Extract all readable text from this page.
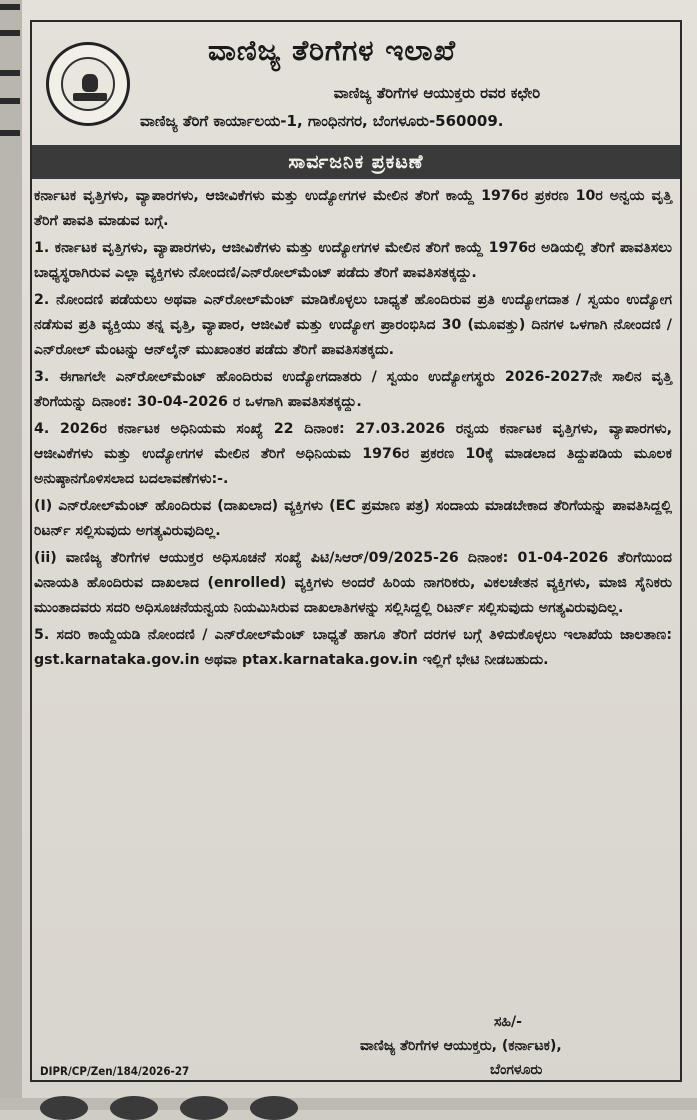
ವಾಣಿಜ್ಯ ತೆರಿಗೆಗಳ ಇಲಾಖೆ
ವಾಣಿಜ್ಯ ತೆರಿಗೆಗಳ ಆಯುಕ್ತರು ರವರ ಕಛೇರಿ
ವಾಣಿಜ್ಯ ತೆರಿಗೆ ಕಾರ್ಯಾಲಯ-1, ಗಾಂಧಿನಗರ, ಬೆಂಗಳೂರು-560009.
ಸಾರ್ವಜನಿಕ ಪ್ರಕಟಣೆ

ಕರ್ನಾಟಕ ವೃತ್ತಿಗಳು, ವ್ಯಾಪಾರಗಳು, ಆಜೀವಿಕೆಗಳು ಮತ್ತು ಉದ್ಯೋಗಗಳ ಮೇಲಿನ ತೆರಿಗೆ ಕಾಯ್ದೆ 1976ರ ಪ್ರಕರಣ 10ರ ಅನ್ವಯ ವೃತ್ತಿ ತೆರಿಗೆ ಪಾವತಿ ಮಾಡುವ ಬಗ್ಗೆ.

1. ಕರ್ನಾಟಕ ವೃತ್ತಿಗಳು, ವ್ಯಾಪಾರಗಳು, ಆಜೀವಿಕೆಗಳು ಮತ್ತು ಉದ್ಯೋಗಗಳ ಮೇಲಿನ ತೆರಿಗೆ ಕಾಯ್ದೆ 1976ರ ಅಡಿಯಲ್ಲಿ ತೆರಿಗೆ ಪಾವತಿಸಲು ಬಾಧ್ಯಸ್ಥರಾಗಿರುವ ಎಲ್ಲಾ ವ್ಯಕ್ತಿಗಳು ನೋಂದಣಿ/ಎನ್‌ರೋಲ್‌ಮೆಂಟ್ ಪಡೆದು ತೆರಿಗೆ ಪಾವತಿಸತಕ್ಕದ್ದು.

2. ನೋಂದಣಿ ಪಡೆಯಲು ಅಥವಾ ಎನ್‌ರೋಲ್‌ಮೆಂಟ್ ಮಾಡಿಕೊಳ್ಳಲು ಬಾಧ್ಯತೆ ಹೊಂದಿರುವ ಪ್ರತಿ ಉದ್ಯೋಗದಾತ / ಸ್ವಯಂ ಉದ್ಯೋಗ ನಡೆಸುವ ಪ್ರತಿ ವ್ಯಕ್ತಿಯು ತನ್ನ ವೃತ್ತಿ, ವ್ಯಾಪಾರ, ಆಜೀವಿಕೆ ಮತ್ತು ಉದ್ಯೋಗ ಪ್ರಾರಂಭಿಸಿದ 30 (ಮೂವತ್ತು) ದಿನಗಳ ಒಳಗಾಗಿ ನೋಂದಣಿ / ಎನ್‌ರೋಲ್ ಮೆಂಟನ್ನು ಆನ್‌ಲೈನ್ ಮುಖಾಂತರ ಪಡೆದು ತೆರಿಗೆ ಪಾವತಿಸತಕ್ಕದು.

3. ಈಗಾಗಲೇ ಎನ್‌ರೋಲ್‌ಮೆಂಟ್ ಹೊಂದಿರುವ ಉದ್ಯೋಗದಾತರು / ಸ್ವಯಂ ಉದ್ಯೋಗಸ್ಥರು 2026-2027ನೇ ಸಾಲಿನ ವೃತ್ತಿ ತೆರಿಗೆಯನ್ನು ದಿನಾಂಕ: 30-04-2026 ರ ಒಳಗಾಗಿ ಪಾವತಿಸತಕ್ಕದ್ದು.

4. 2026ರ ಕರ್ನಾಟಕ ಅಧಿನಿಯಮ ಸಂಖ್ಯೆ 22 ದಿನಾಂಕ: 27.03.2026 ರನ್ವಯ ಕರ್ನಾಟಕ ವೃತ್ತಿಗಳು, ವ್ಯಾಪಾರಗಳು, ಆಜೀವಿಕೆಗಳು ಮತ್ತು ಉದ್ಯೋಗಗಳ ಮೇಲಿನ ತೆರಿಗೆ ಅಧಿನಿಯಮ 1976ರ ಪ್ರಕರಣ 10ಕ್ಕೆ ಮಾಡಲಾದ ತಿದ್ದುಪಡಿಯ ಮೂಲಕ ಅನುಷ್ಠಾನಗೊಳಿಸಲಾದ ಬದಲಾವಣೆಗಳು:-.

(I) ಎನ್‌ರೋಲ್‌ಮೆಂಟ್ ಹೊಂದಿರುವ (ದಾಖಲಾದ) ವ್ಯಕ್ತಿಗಳು (EC ಪ್ರಮಾಣ ಪತ್ರ) ಸಂದಾಯ ಮಾಡಬೇಕಾದ ತೆರಿಗೆಯನ್ನು ಪಾವತಿಸಿದ್ದಲ್ಲಿ ರಿಟರ್ನ್ ಸಲ್ಲಿಸುವುದು ಅಗತ್ಯವಿರುವುದಿಲ್ಲ.

(ii) ವಾಣಿಜ್ಯ ತೆರಿಗೆಗಳ ಆಯುಕ್ತರ ಅಧಿಸೂಚನೆ ಸಂಖ್ಯೆ ಪಿಟಿ/ಸಿಆರ್/09/2025-26 ದಿನಾಂಕ: 01-04-2026 ತೆರಿಗೆಯಿಂದ ವಿನಾಯತಿ ಹೊಂದಿರುವ ದಾಖಲಾದ (enrolled) ವ್ಯಕ್ತಿಗಳು ಅಂದರೆ ಹಿರಿಯ ನಾಗರಿಕರು, ವಿಕಲಚೇತನ ವ್ಯಕ್ತಿಗಳು, ಮಾಜಿ ಸೈನಿಕರು ಮುಂತಾದವರು ಸದರಿ ಅಧಿಸೂಚನೆಯನ್ವಯ ನಿಯಮಿಸಿರುವ ದಾಖಲಾತಿಗಳನ್ನು ಸಲ್ಲಿಸಿದ್ದಲ್ಲಿ ರಿಟರ್ನ್ ಸಲ್ಲಿಸುವುದು ಅಗತ್ಯವಿರುವುದಿಲ್ಲ.

5. ಸದರಿ ಕಾಯ್ದೆಯಡಿ ನೋಂದಣಿ / ಎನ್‌ರೋಲ್‌ಮೆಂಟ್ ಬಾಧ್ಯತೆ ಹಾಗೂ ತೆರಿಗೆ ದರಗಳ ಬಗ್ಗೆ ತಿಳಿದುಕೊಳ್ಳಲು ಇಲಾಖೆಯ ಜಾಲತಾಣ: gst.karnataka.gov.in ಅಥವಾ ptax.karnataka.gov.in ಇಲ್ಲಿಗೆ ಭೇಟಿ ನೀಡಬಹುದು.

ಸಹಿ/-
ವಾಣಿಜ್ಯ ತೆರಿಗೆಗಳ ಆಯುಕ್ತರು, (ಕರ್ನಾಟಕ),
ಬೆಂಗಳೂರು
DIPR/CP/Zen/184/2026-27
